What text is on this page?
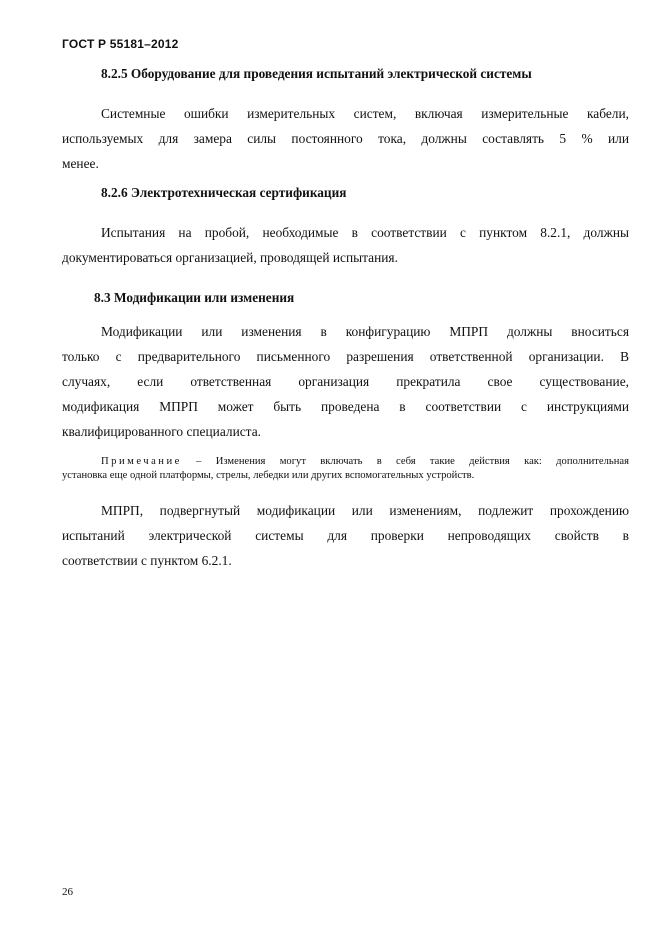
ГОСТ Р 55181–2012
8.2.5 Оборудование для проведения испытаний электрической системы
Системные ошибки измерительных систем, включая измерительные кабели,
используемых для замера силы постоянного тока, должны составлять 5 % или
менее.
8.2.6 Электротехническая сертификация
Испытания на пробой, необходимые в соответствии с пунктом 8.2.1, должны
документироваться организацией, проводящей испытания.
8.3 Модификации или изменения
Модификации или изменения в конфигурацию МПРП должны вноситься
только с предварительного письменного разрешения ответственной организации. В
случаях, если ответственная организация прекратила свое существование,
модификация МПРП может быть проведена в соответствии с инструкциями
квалифицированного специалиста.
Примечание – Изменения могут включать в себя такие действия как: дополнительная
установка еще одной платформы, стрелы, лебедки или других вспомогательных устройств.
МПРП, подвергнутый модификации или изменениям, подлежит прохождению
испытаний электрической системы для проверки непроводящих свойств в
соответствии с пунктом 6.2.1.
26
